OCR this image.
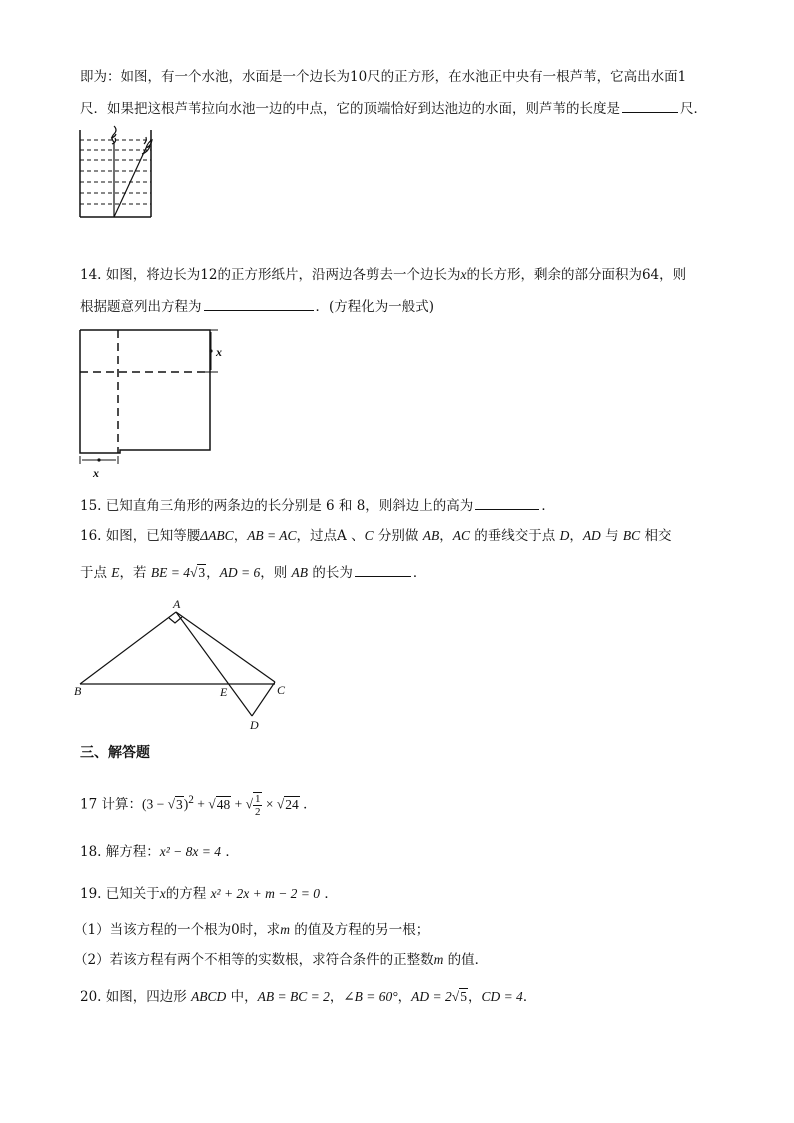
即为：如图，有一个水池，水面是一个边长为10尺的正方形，在水池正中央有一根芦苇，它高出水面1
尺．如果把这根芦苇拉向水池一边的中点，它的顶端恰好到达池边的水面，则芦苇的长度是	尺．
14. 如图，将边长为12的正方形纸片，沿两边各剪去一个边长为x的长方形，剩余的部分面积为64，则
根据题意列出方程为	．(方程化为一般式)
x
x
15. 已知直角三角形的两条边的长分别是 6 和 8，则斜边上的高为	．
16. 如图，已知等腰ΔABC，AB = AC，过点A 、C 分别做 AB，AC 的垂线交于点 D，AD 与 BC 相交
于点 E，若 BE = 4√3，AD = 6，则 AB 的长为	．
A
B	C
D
E
三、解答题
17 计算：$(3 - √3)^2 + √48$ + √ $\frac{1}{2} \times √24$ ．
18. 解方程：x² − 8x = 4 ．
19. 已知关于x的方程 x² + 2x + m − 2 = 0 ．
（1）当该方程的一个根为0时，求m 的值及方程的另一根；
（2）若该方程有两个不相等的实数根，求符合条件的正整数m 的值．
20. 如图，四边形 ABCD 中，AB = BC = 2，∠B = 60°，AD = 2√5，CD = 4．
